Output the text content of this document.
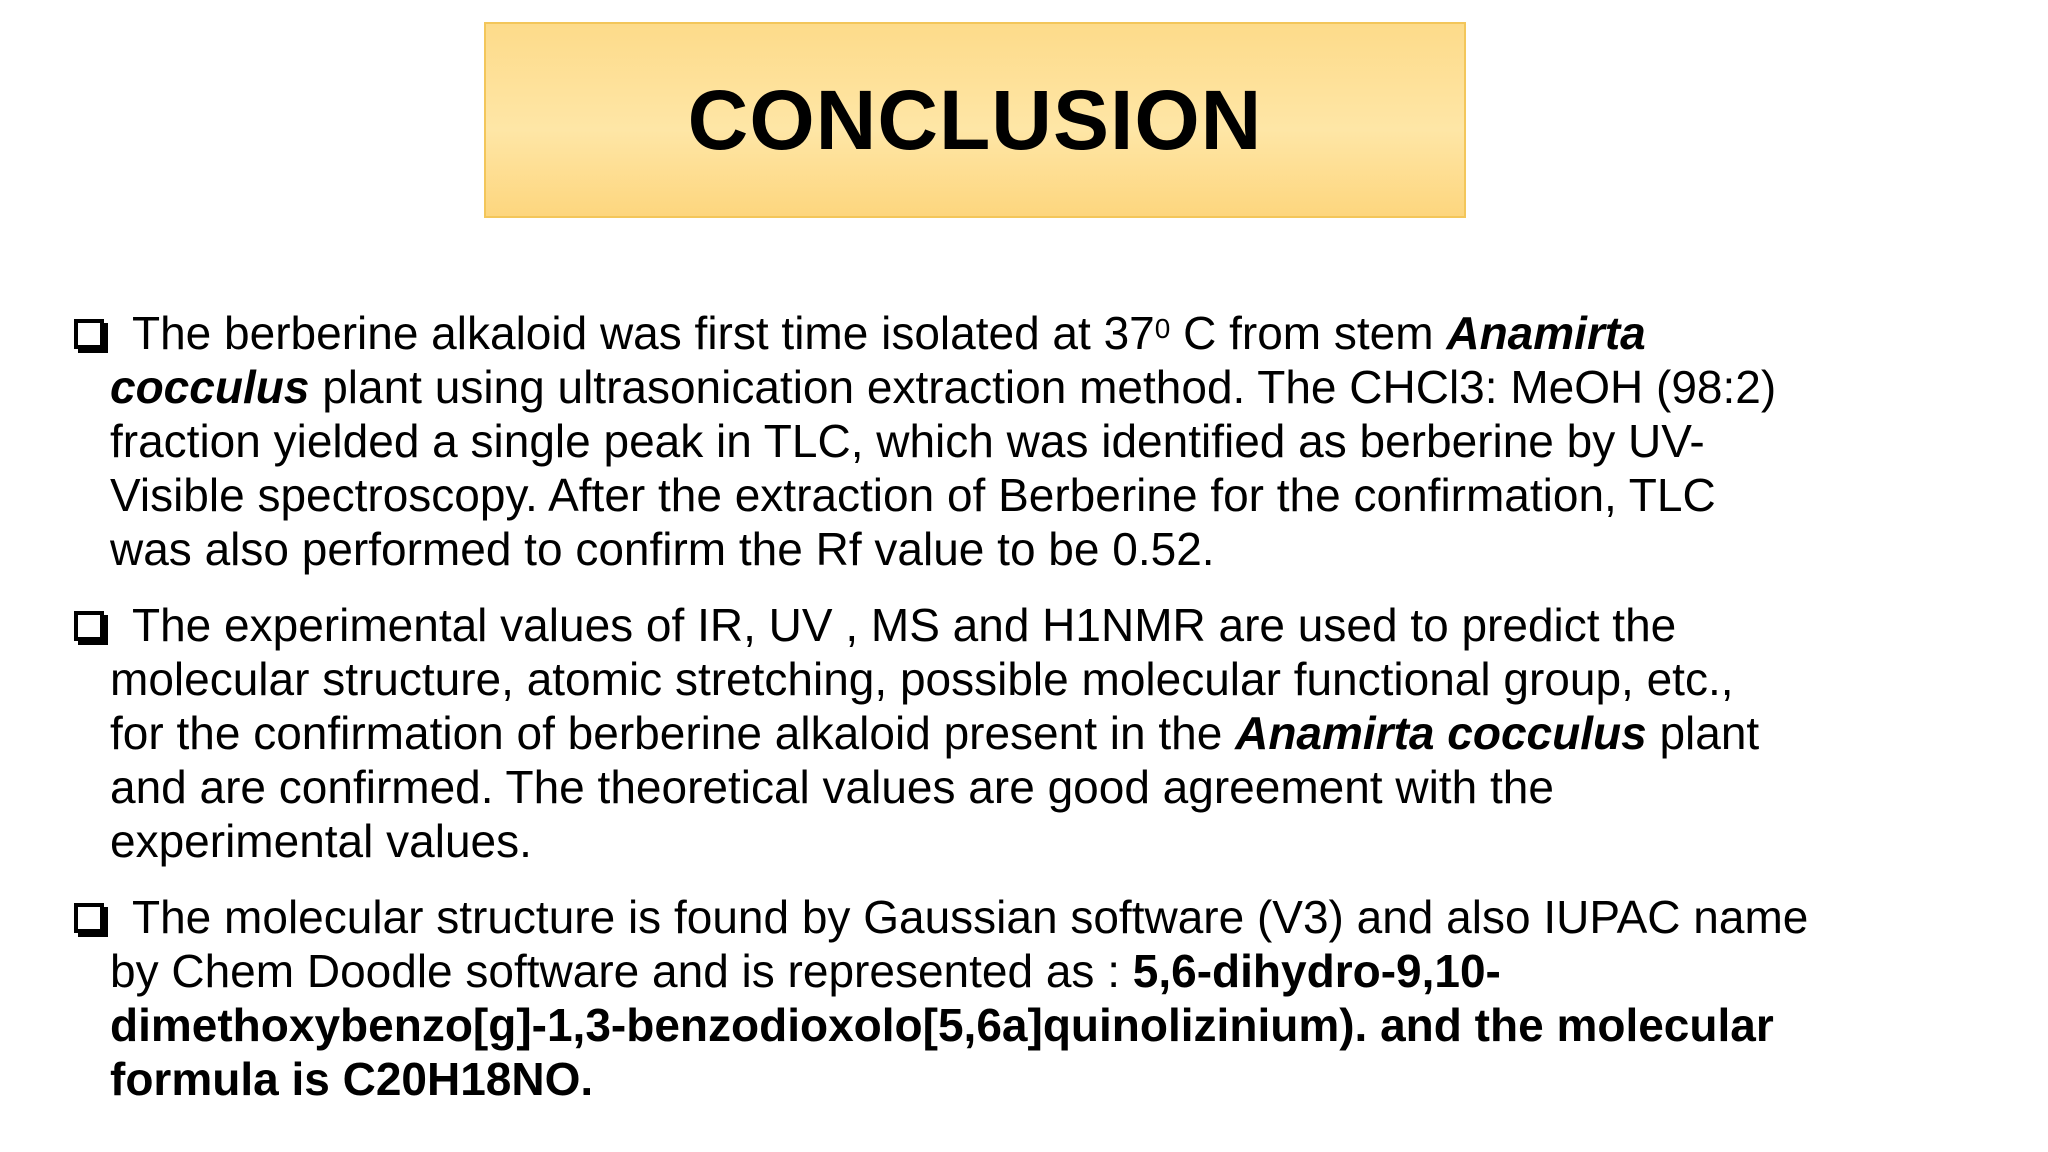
CONCLUSION
The berberine alkaloid was first time isolated at $37^0$ C from stem Anamirta
cocculus plant using ultrasonication extraction method. The CHCl3: MeOH (98:2)
fraction yielded a single peak in TLC, which was identified as berberine by UV-
Visible spectroscopy. After the extraction of Berberine for the confirmation, TLC
was also performed to confirm the Rf value to be 0.52.
The experimental values of IR, UV , MS and H1NMR are used to predict the
molecular structure, atomic stretching, possible molecular functional group, etc.,
for the confirmation of berberine alkaloid present in the Anamirta cocculus plant
and are confirmed. The theoretical values are good agreement with the
experimental values.
The molecular structure is found by Gaussian software (V3) and also IUPAC name
by Chem Doodle software and is represented as : 5,6-dihydro-9,10-
dimethoxybenzo[g]-1,3-benzodioxolo[5,6a]quinolizinium). and the molecular
formula is C20H18NO.
